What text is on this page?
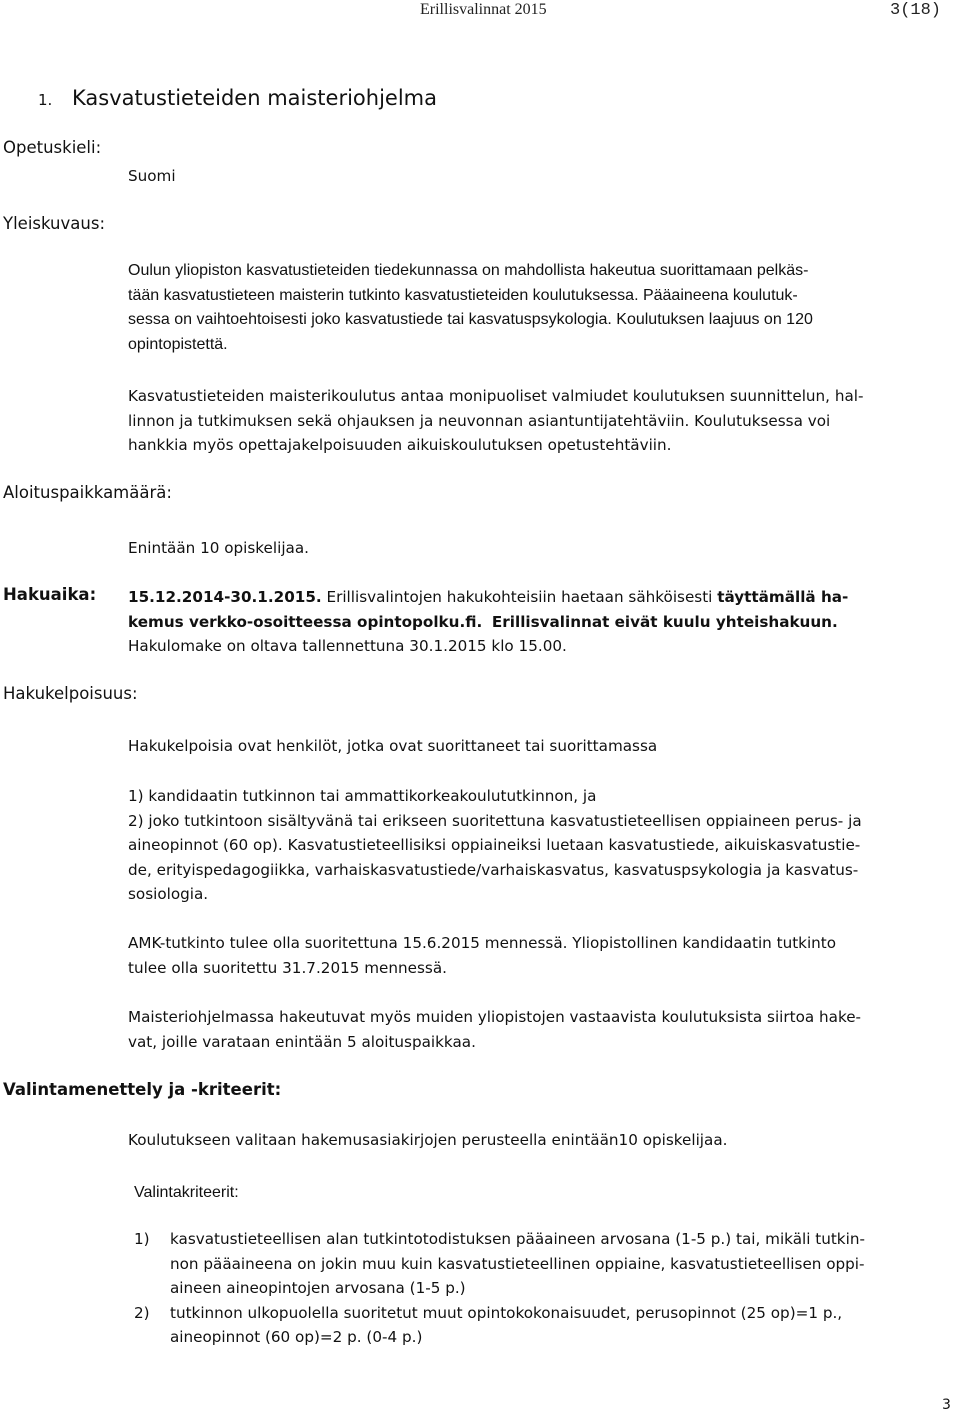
Erillisvalinnat 2015	3(18)
1. Kasvatustieteiden maisteriohjelma
Opetuskieli:
Suomi
Yleiskuvaus:
Oulun yliopiston kasvatustieteiden tiedekunnassa on mahdollista hakeutua suorittamaan pelkäs-
tään kasvatustieteen maisterin tutkinto kasvatustieteiden koulutuksessa. Pääaineena koulutuk-
sessa on vaihtoehtoisesti joko kasvatustiede tai kasvatuspsykologia. Koulutuksen laajuus on 120
opintopistettä.
Kasvatustieteiden maisterikoulutus antaa monipuoliset valmiudet koulutuksen suunnittelun, hal-
linnon ja tutkimuksen sekä ohjauksen ja neuvonnan asiantuntijatehtäviin. Koulutuksessa voi
hankkia myös opettajakelpoisuuden aikuiskoulutuksen opetustehtäviin.
Aloituspaikkamäärä:
Enintään 10 opiskelijaa.
Hakuaika: 15.12.2014-30.1.2015. Erillisvalintojen hakukohteisiin haetaan sähköisesti täyttämällä ha-
kemus verkko-osoitteessa opintopolku.fi. Erillisvalinnat eivät kuulu yhteishakuun.
Hakulomake on oltava tallennettuna 30.1.2015 klo 15.00.
Hakukelpoisuus:
Hakukelpoisia ovat henkilöt, jotka ovat suorittaneet tai suorittamassa
1) kandidaatin tutkinnon tai ammattikorkeakoulututkinnon, ja
2) joko tutkintoon sisältyvänä tai erikseen suoritettuna kasvatustieteellisen oppiaineen perus- ja
aineopinnot (60 op). Kasvatustieteellisiksi oppiaineiksi luetaan kasvatustiede, aikuiskasvatustie-
de, erityispedagogiikka, varhaiskasvatustiede/varhaiskasvatus, kasvatuspsykologia ja kasvatus-
sosiologia.
AMK-tutkinto tulee olla suoritettuna 15.6.2015 mennessä. Yliopistollinen kandidaatin tutkinto
tulee olla suoritettu 31.7.2015 mennessä.
Maisteriohjelmassa hakeutuvat myös muiden yliopistojen vastaavista koulutuksista siirtoa hake-
vat, joille varataan enintään 5 aloituspaikkaa.
Valintamenettely ja -kriteerit:
Koulutukseen valitaan hakemusasiakirjojen perusteella enintään10 opiskelijaa.
Valintakriteerit:
1) kasvatustieteellisen alan tutkintotodistuksen pääaineen arvosana (1-5 p.) tai, mikäli tutkin-
non pääaineena on jokin muu kuin kasvatustieteellinen oppiaine, kasvatustieteellisen oppi-
aineen aineopintojen arvosana (1-5 p.)
2) tutkinnon ulkopuolella suoritetut muut opintokokonaisuudet, perusopinnot (25 op)=1 p.,
aineopinnot (60 op)=2 p. (0-4 p.)
3
